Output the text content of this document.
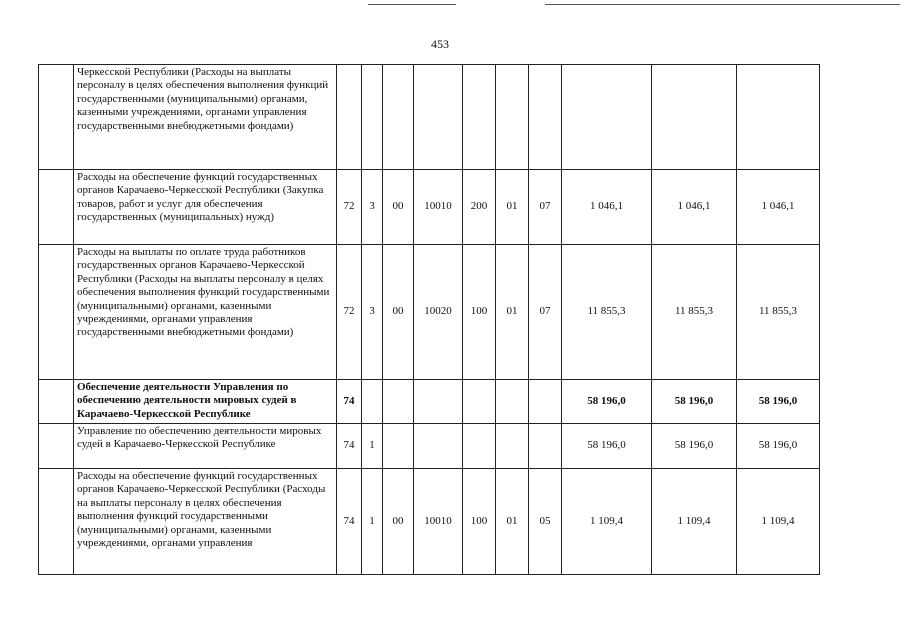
453
	Черкесской Республики (Расходы на выплаты персоналу в целях обеспечения выполнения функций государственными (муниципальными) органами, казенными учреждениями, органами управления государственными внебюджетными фондами)										
	Расходы на обеспечение функций государственных органов Карачаево-Черкесской Республики (Закупка товаров, работ и услуг для обеспечения государственных (муниципальных) нужд)	72	3	00	10010	200	01	07	1 046,1	1 046,1	1 046,1
	Расходы на выплаты по оплате труда работников государственных органов Карачаево-Черкесской Республики (Расходы на выплаты персоналу в целях обеспечения выполнения функций государственными (муниципальными) органами, казенными учреждениями, органами управления государственными внебюджетными фондами)	72	3	00	10020	100	01	07	11 855,3	11 855,3	11 855,3
	Обеспечение деятельности Управления по обеспечению деятельности мировых судей в Карачаево-Черкесской Республике	74							58 196,0	58 196,0	58 196,0
	Управление по обеспечению деятельности мировых судей в Карачаево-Черкесской Республике	74	1						58 196,0	58 196,0	58 196,0
	Расходы на обеспечение функций государственных органов Карачаево-Черкесской Республики (Расходы на выплаты персоналу в целях обеспечения выполнения функций государственными (муниципальными) органами, казенными учреждениями, органами управления	74	1	00	10010	100	01	05	1 109,4	1 109,4	1 109,4
